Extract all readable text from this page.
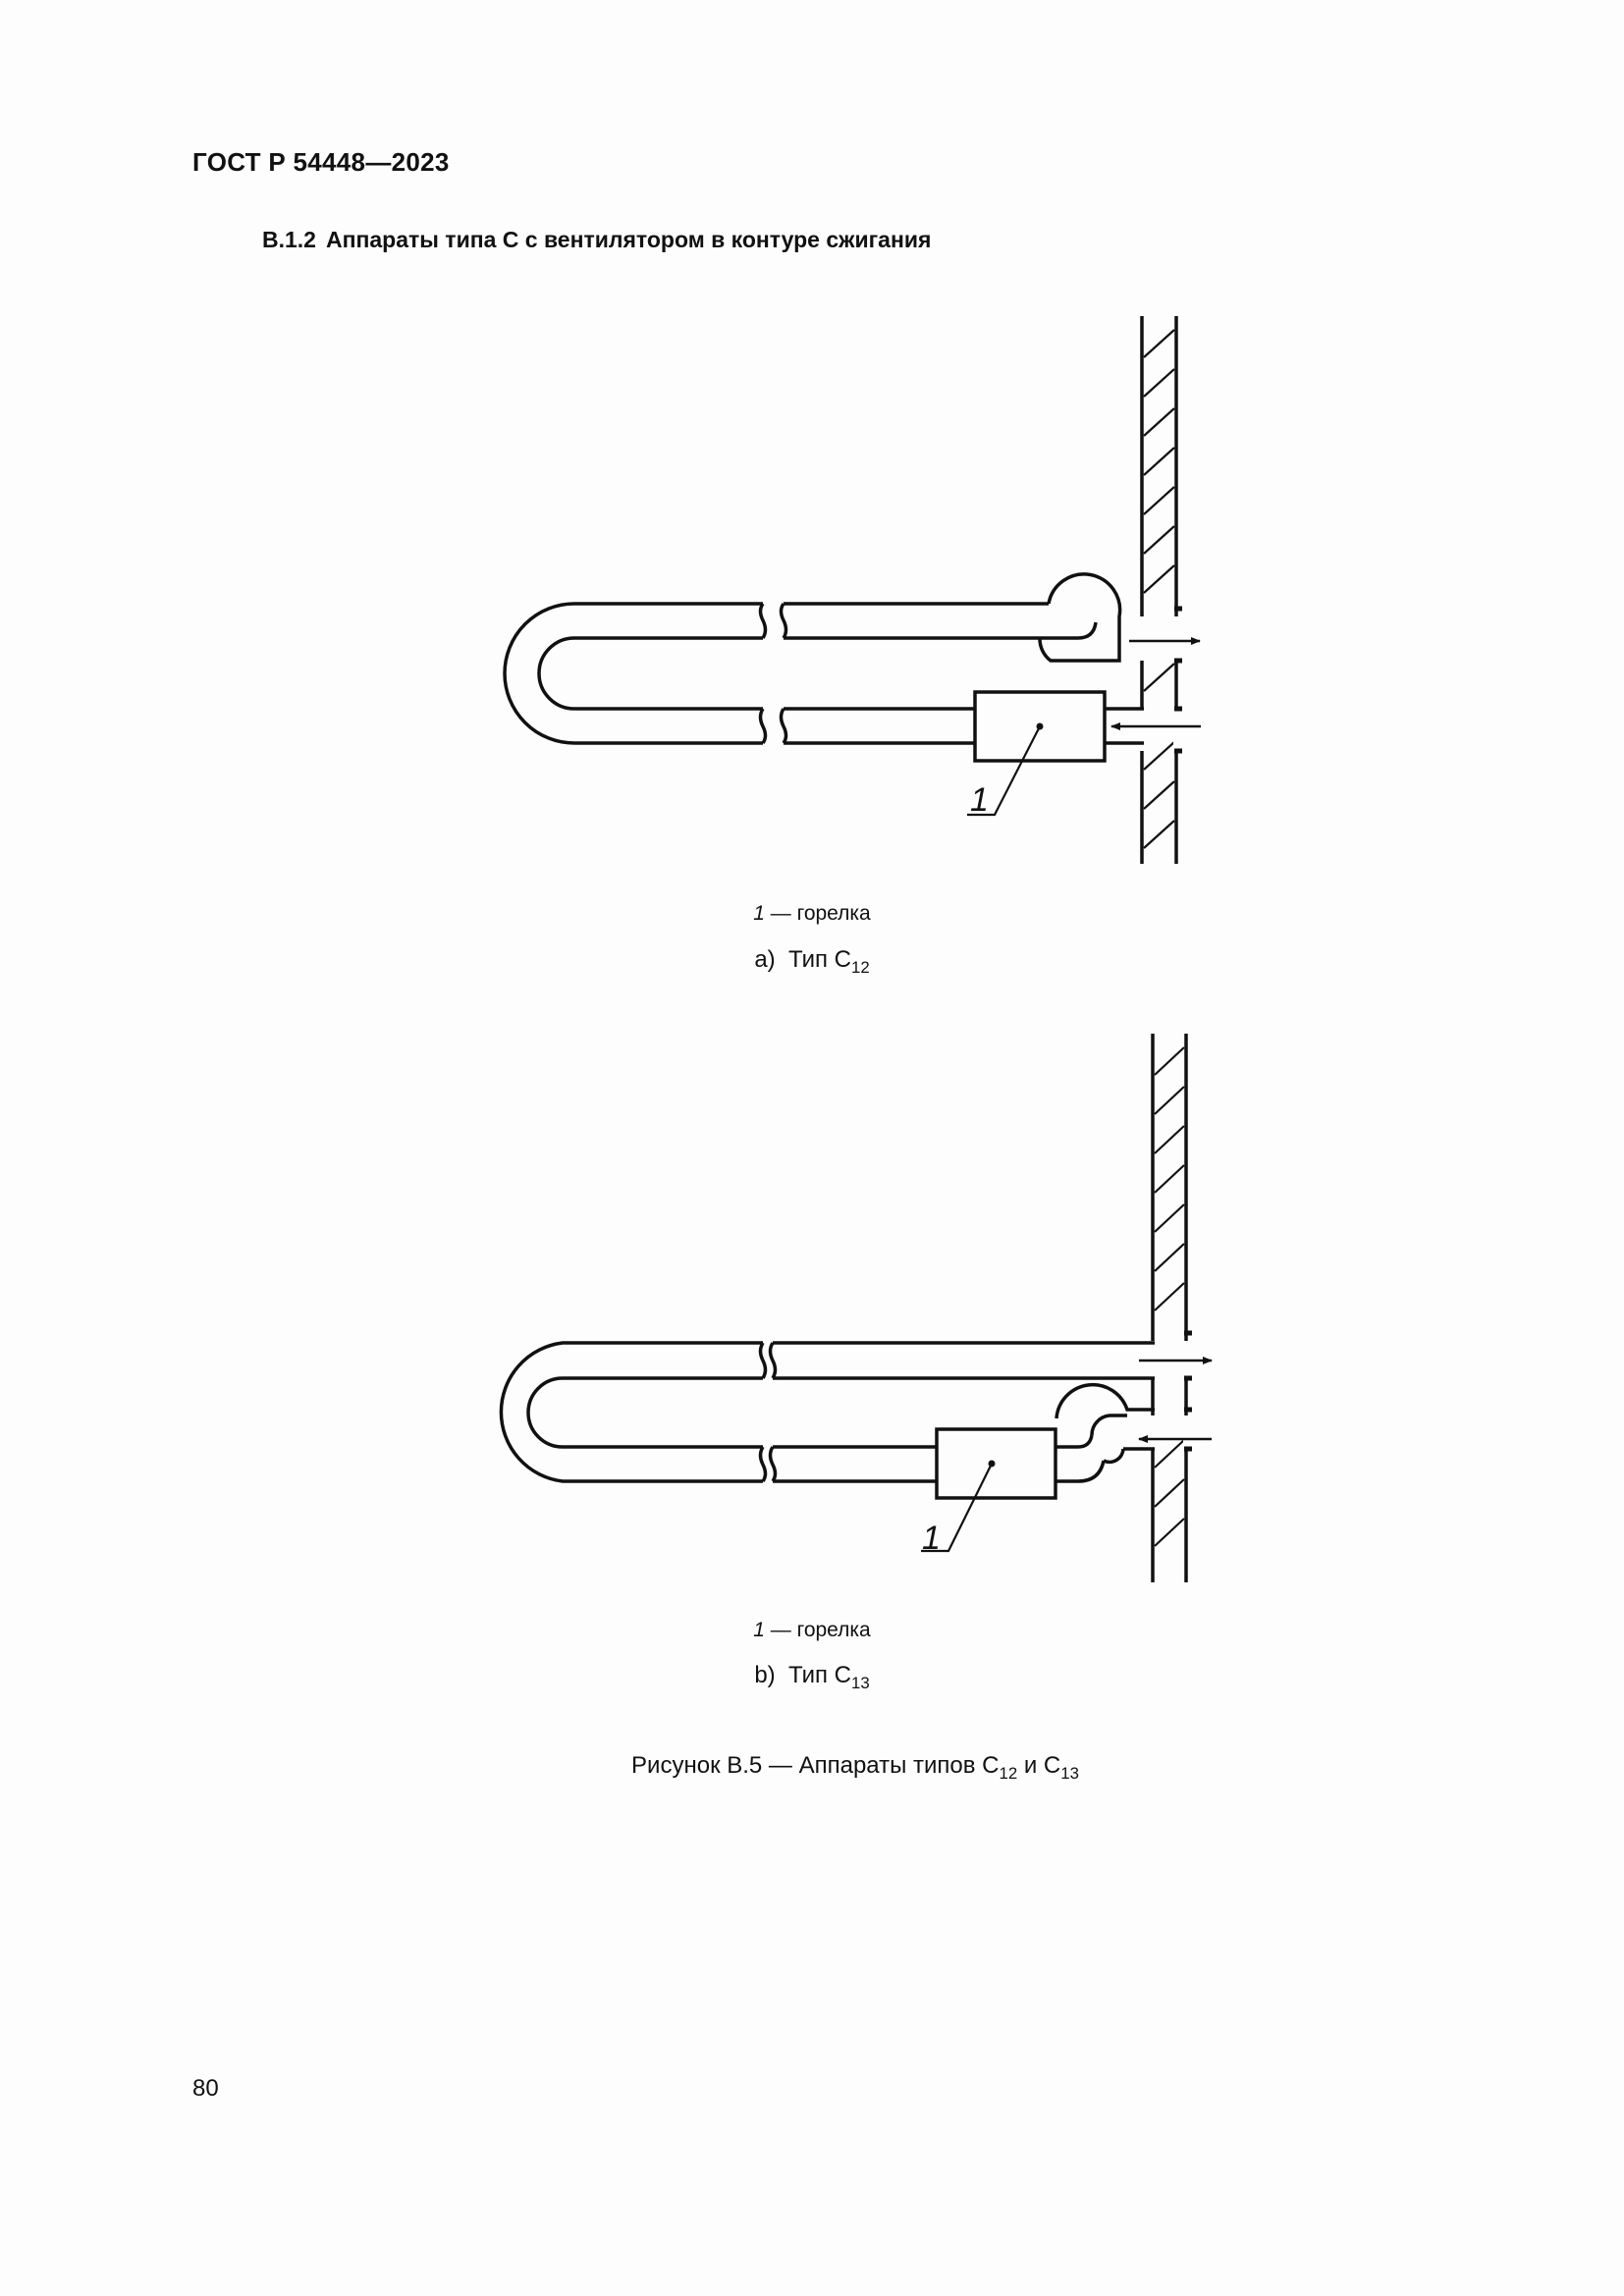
ГОСТ Р 54448—2023
B.1.2 Аппараты типа С с вентилятором в контуре сжигания
1
1
1 — горелка
a) Тип $С_{12}$
1 — горелка
b) Тип $С_{13}$
Рисунок В.5 — Аппараты типов $С_{12}$ и $С_{13}$
80
